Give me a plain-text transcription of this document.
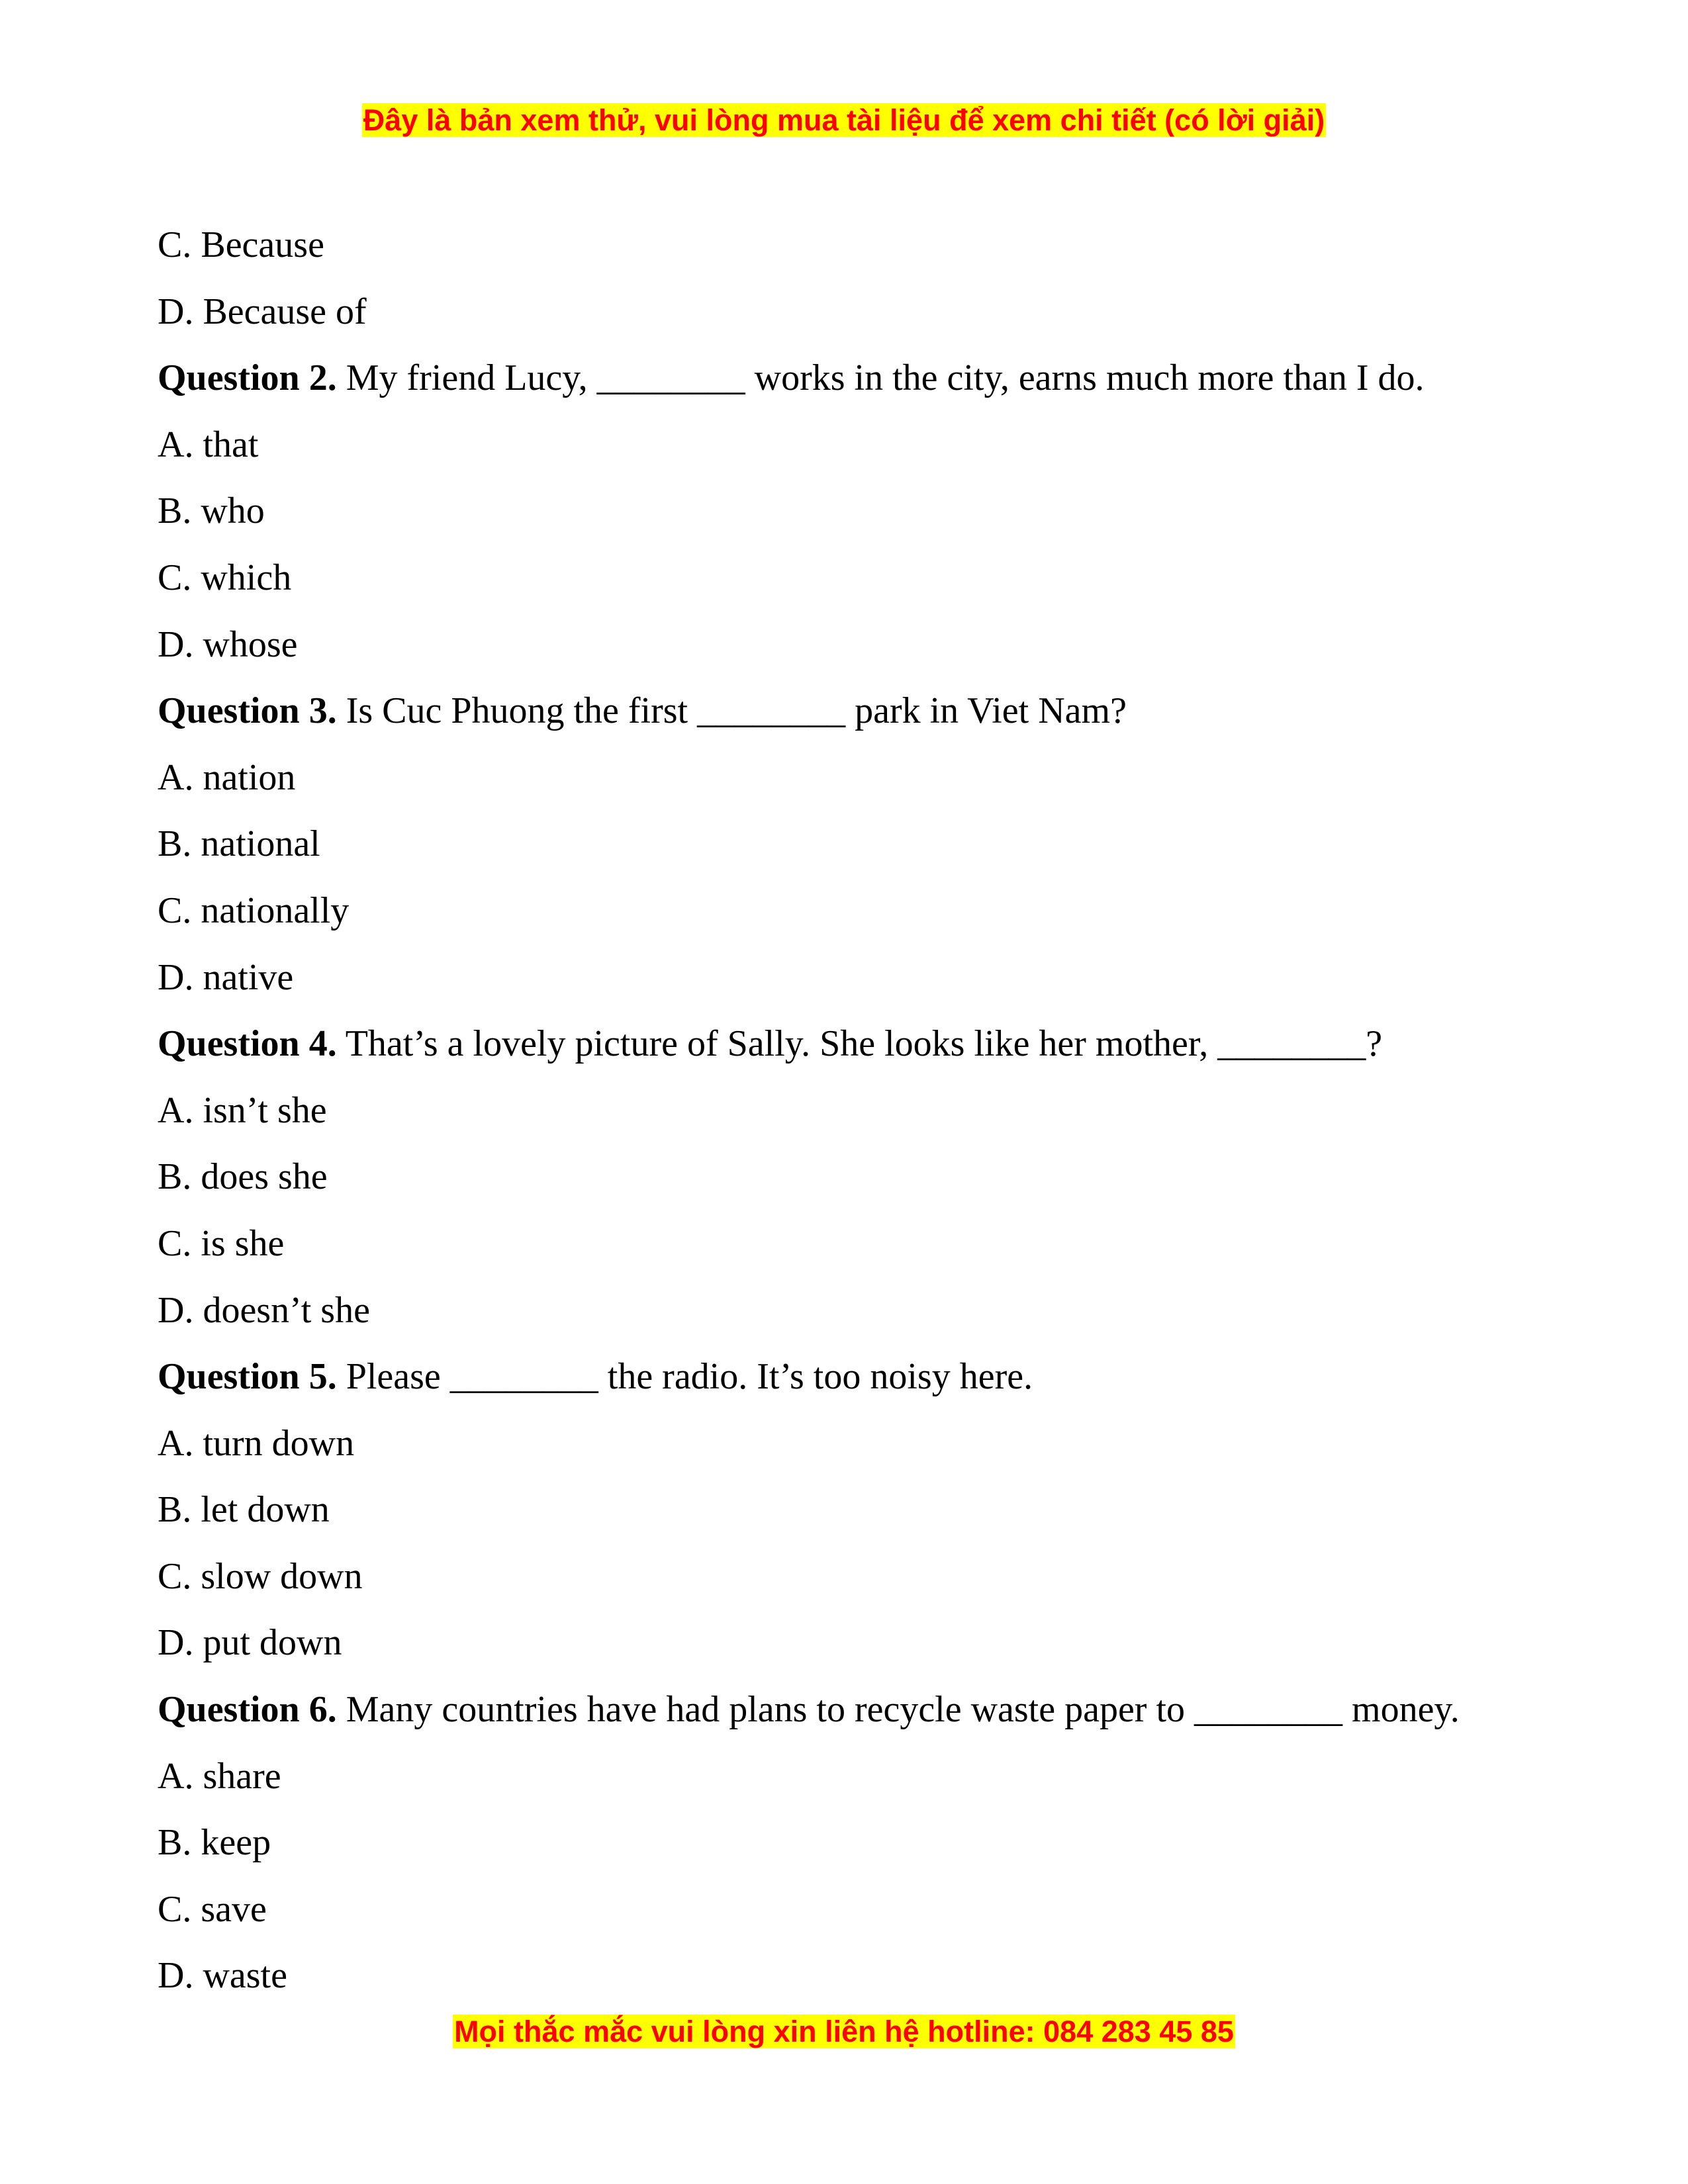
Đây là bản xem thử, vui lòng mua tài liệu để xem chi tiết (có lời giải)
C. Because
D. Because of
Question 2. My friend Lucy, ________ works in the city, earns much more than I do.
A. that
B. who
C. which
D. whose
Question 3. Is Cuc Phuong the first ________ park in Viet Nam?
A. nation
B. national
C. nationally
D. native
Question 4. That’s a lovely picture of Sally. She looks like her mother, ________?
A. isn’t she
B. does she
C. is she
D. doesn’t she
Question 5. Please ________ the radio. It’s too noisy here.
A. turn down
B. let down
C. slow down
D. put down
Question 6. Many countries have had plans to recycle waste paper to ________ money.
A. share
B. keep
C. save
D. waste
Mọi thắc mắc vui lòng xin liên hệ hotline: 084 283 45 85
